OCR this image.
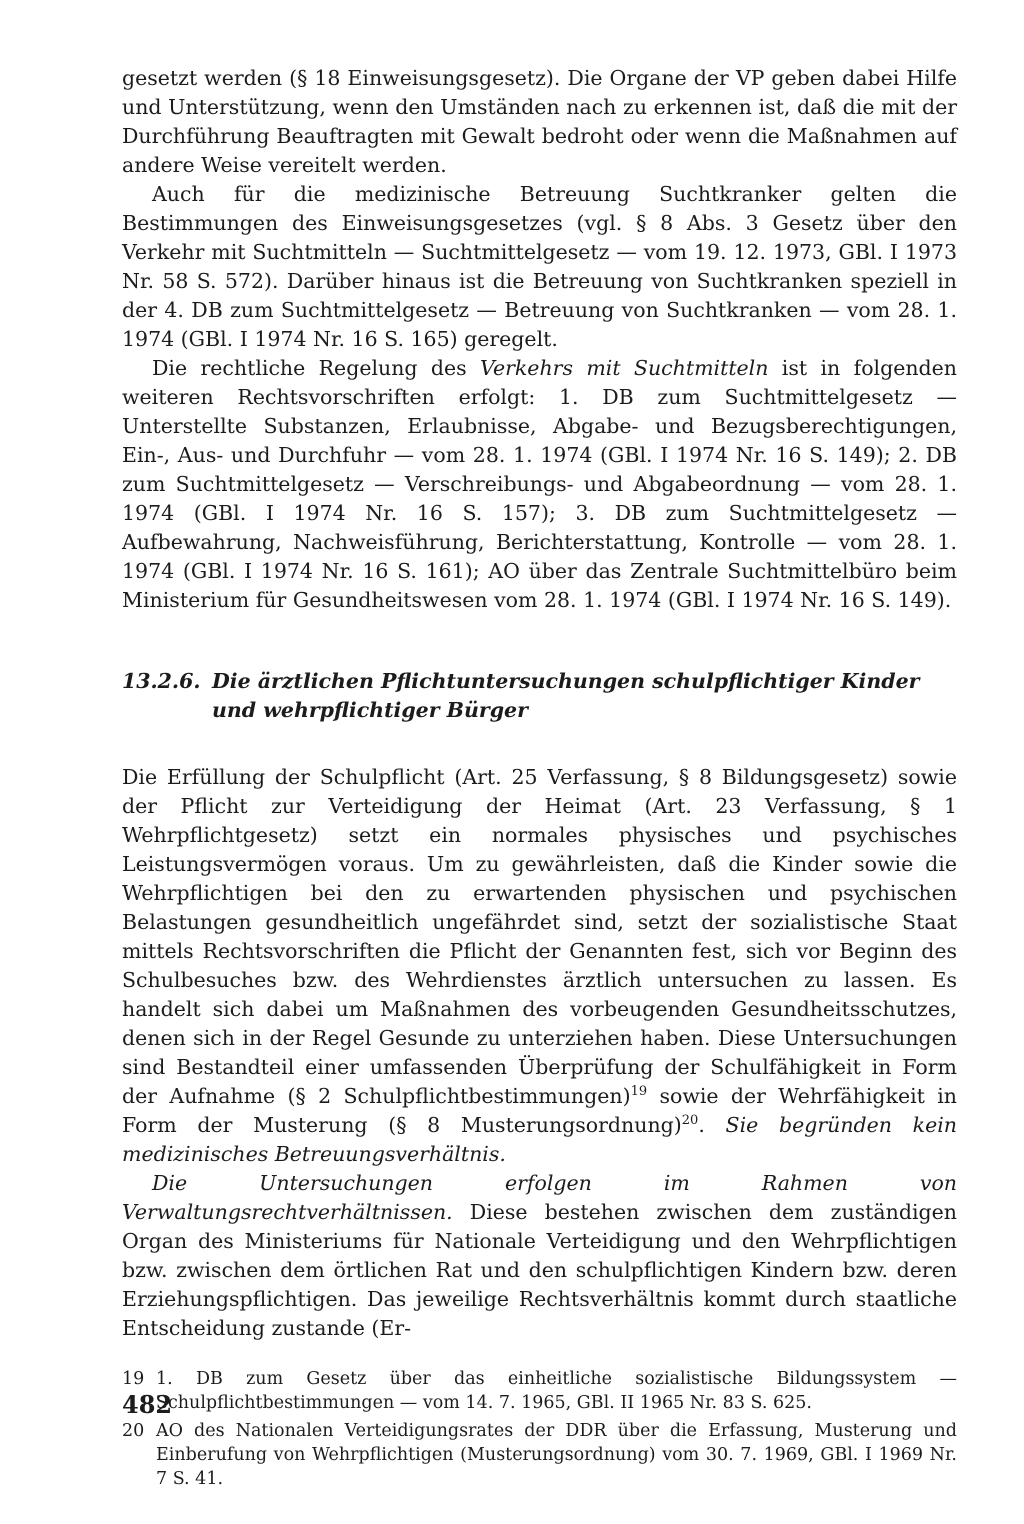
gesetzt werden (§ 18 Einweisungsgesetz). Die Organe der VP geben dabei Hilfe und Unterstützung, wenn den Umständen nach zu erkennen ist, daß die mit der Durchführung Beauftragten mit Gewalt bedroht oder wenn die Maßnahmen auf andere Weise vereitelt werden.

Auch für die medizinische Betreuung Suchtkranker gelten die Bestimmungen des Einweisungsgesetzes (vgl. § 8 Abs. 3 Gesetz über den Verkehr mit Suchtmitteln — Suchtmittelgesetz — vom 19. 12. 1973, GBl. I 1973 Nr. 58 S. 572). Darüber hinaus ist die Betreuung von Suchtkranken speziell in der 4. DB zum Suchtmittelgesetz — Betreuung von Suchtkranken — vom 28. 1. 1974 (GBl. I 1974 Nr. 16 S. 165) geregelt.

Die rechtliche Regelung des Verkehrs mit Suchtmitteln ist in folgenden weiteren Rechtsvorschriften erfolgt: 1. DB zum Suchtmittelgesetz — Unterstellte Substanzen, Erlaubnisse, Abgabe- und Bezugsberechtigungen, Ein-, Aus- und Durchfuhr — vom 28. 1. 1974 (GBl. I 1974 Nr. 16 S. 149); 2. DB zum Suchtmittelgesetz — Verschreibungs- und Abgabeordnung — vom 28. 1. 1974 (GBl. I 1974 Nr. 16 S. 157); 3. DB zum Suchtmittelgesetz — Aufbewahrung, Nachweisführung, Berichterstattung, Kontrolle — vom 28. 1. 1974 (GBl. I 1974 Nr. 16 S. 161); AO über das Zentrale Suchtmittelbüro beim Ministerium für Gesundheitswesen vom 28. 1. 1974 (GBl. I 1974 Nr. 16 S. 149).

13.2.6. Die ärztlichen Pflichtuntersuchungen schulpflichtiger Kinder und wehrpflichtiger Bürger

Die Erfüllung der Schulpflicht (Art. 25 Verfassung, § 8 Bildungsgesetz) sowie der Pflicht zur Verteidigung der Heimat (Art. 23 Verfassung, § 1 Wehrpflichtgesetz) setzt ein normales physisches und psychisches Leistungsvermögen voraus. Um zu gewährleisten, daß die Kinder sowie die Wehrpflichtigen bei den zu erwartenden physischen und psychischen Belastungen gesundheitlich ungefährdet sind, setzt der sozialistische Staat mittels Rechtsvorschriften die Pflicht der Genannten fest, sich vor Beginn des Schulbesuches bzw. des Wehrdienstes ärztlich untersuchen zu lassen. Es handelt sich dabei um Maßnahmen des vorbeugenden Gesundheitsschutzes, denen sich in der Regel Gesunde zu unterziehen haben. Diese Untersuchungen sind Bestandteil einer umfassenden Überprüfung der Schulfähigkeit in Form der Aufnahme (§ 2 Schulpflichtbestimmungen)$^{19}$ sowie der Wehrfähigkeit in Form der Musterung (§ 8 Musterungsordnung)$^{20}$. Sie begründen kein medizinisches Betreuungsverhältnis.

Die Untersuchungen erfolgen im Rahmen von Verwaltungsrechtverhältnissen. Diese bestehen zwischen dem zuständigen Organ des Ministeriums für Nationale Verteidigung und den Wehrpflichtigen bzw. zwischen dem örtlichen Rat und den schulpflichtigen Kindern bzw. deren Erziehungspflichtigen. Das jeweilige Rechtsverhältnis kommt durch staatliche Entscheidung zustande (Er-

19 1. DB zum Gesetz über das einheitliche sozialistische Bildungssystem — Schulpflichtbestimmungen — vom 14. 7. 1965, GBl. II 1965 Nr. 83 S. 625.
20 AO des Nationalen Verteidigungsrates der DDR über die Erfassung, Musterung und Einberufung von Wehrpflichtigen (Musterungsordnung) vom 30. 7. 1969, GBl. I 1969 Nr. 7 S. 41.
482
